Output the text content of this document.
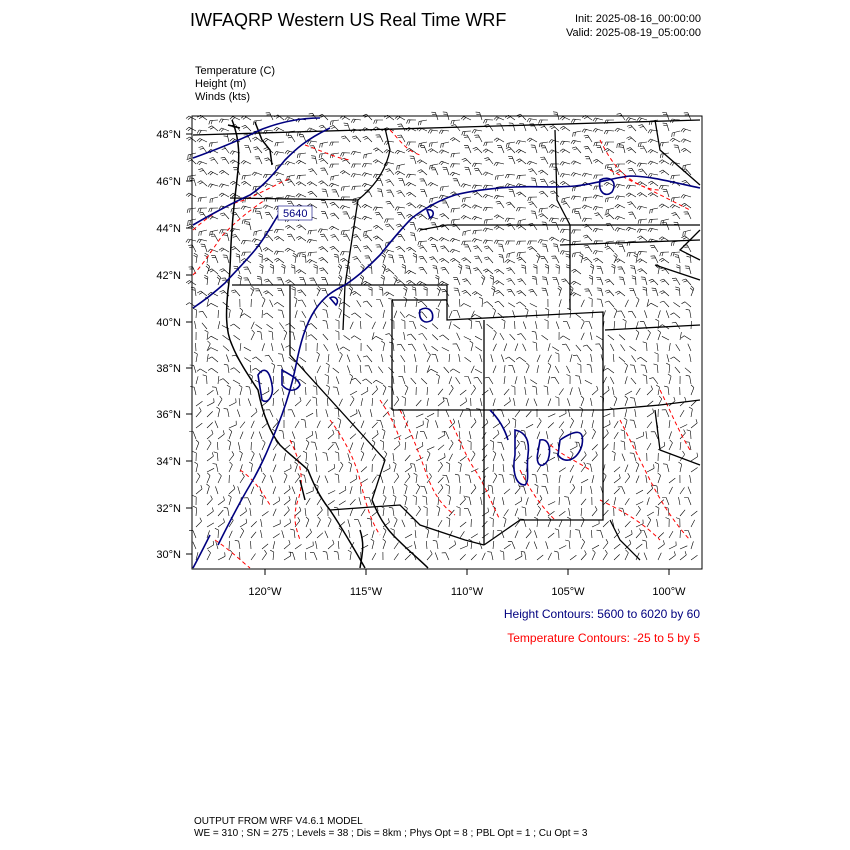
IWFAQRP Western US Real Time WRF	Init: 2025-08-16_00:00:00
Valid: 2025-08-19_05:00:00
Temperature (C)
Height (m)
Winds (kts)
5640
48°N
46°N
44°N
42°N
40°N
38°N
36°N
34°N
32°N
30°N
120°W	115°W	110°W	105°W	100°W
Height Contours: 5600 to 6020 by 60
Temperature Contours: -25 to 5 by 5
OUTPUT FROM WRF V4.6.1 MODEL
WE = 310 ; SN = 275 ; Levels = 38 ; Dis = 8km ; Phys Opt = 8 ; PBL Opt = 1 ; Cu Opt = 3
